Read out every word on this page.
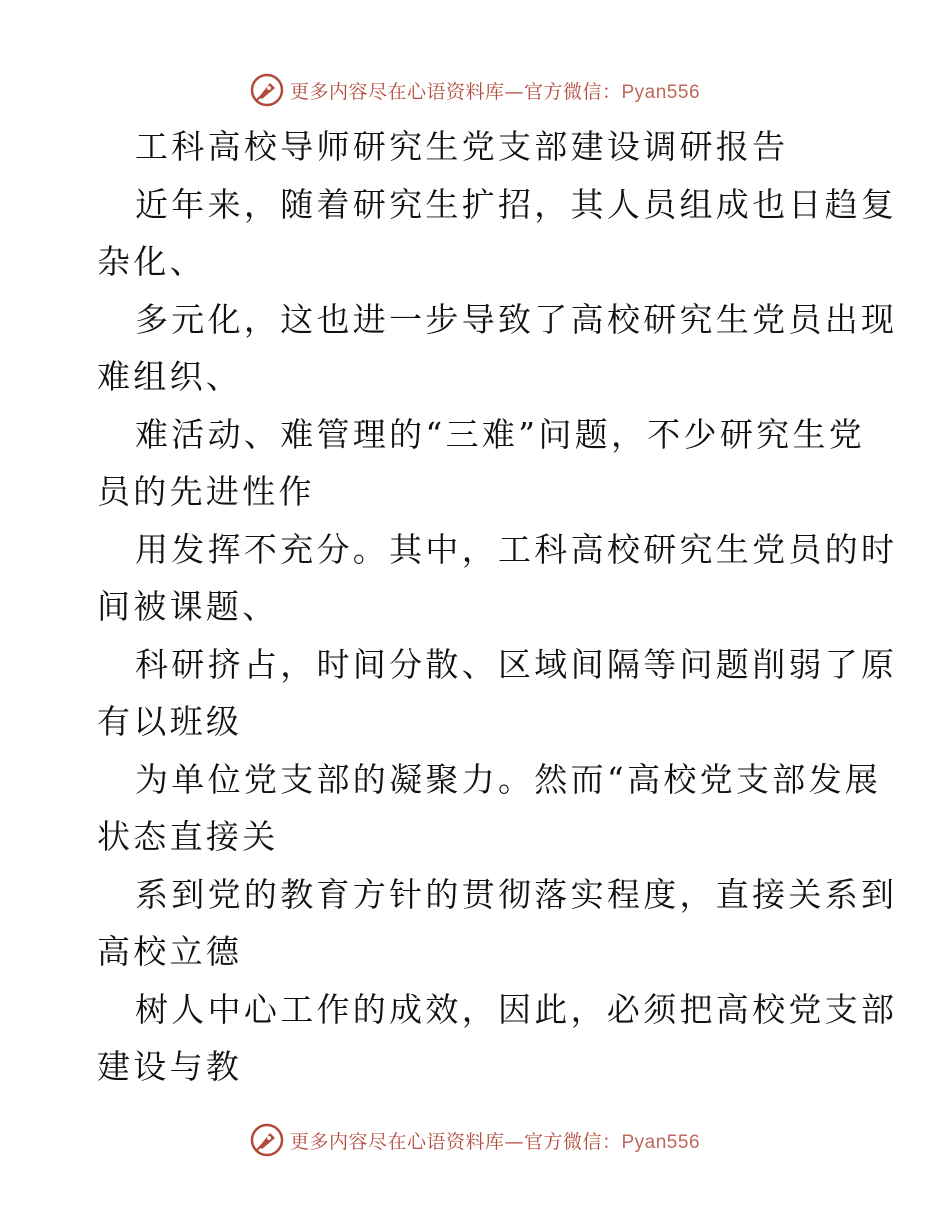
更多内容尽在心语资料库—官方微信：Pyan556
工科高校导师研究生党支部建设调研报告
近年来，随着研究生扩招，其人员组成也日趋复
杂化、
多元化，这也进一步导致了高校研究生党员出现
难组织、
难活动、难管理的“三难”问题，不少研究生党
员的先进性作
用发挥不充分。其中，工科高校研究生党员的时
间被课题、
科研挤占，时间分散、区域间隔等问题削弱了原
有以班级
为单位党支部的凝聚力。然而“高校党支部发展
状态直接关
系到党的教育方针的贯彻落实程度，直接关系到
高校立德
树人中心工作的成效，因此，必须把高校党支部
建设与教
更多内容尽在心语资料库—官方微信：Pyan556
